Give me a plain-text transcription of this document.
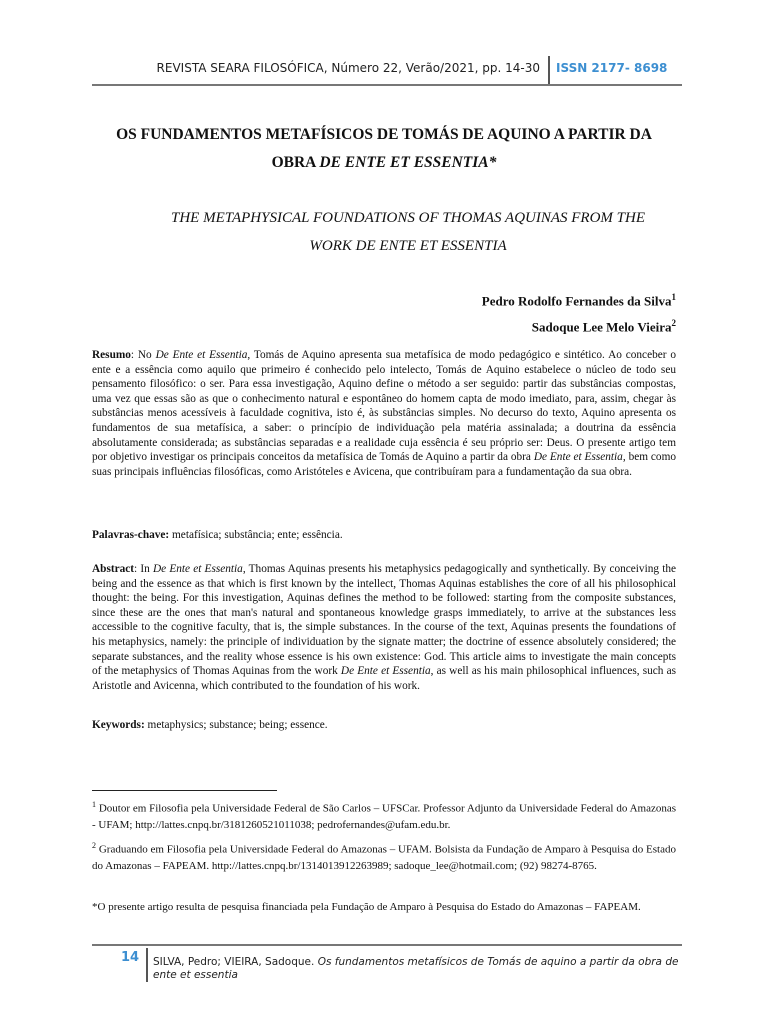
REVISTA SEARA FILOSÓFICA, Número 22, Verão/2021, pp. 14-30 ISSN 2177- 8698
OS FUNDAMENTOS METAFÍSICOS DE TOMÁS DE AQUINO A PARTIR DA
OBRA DE ENTE ET ESSENTIA*
THE METAPHYSICAL FOUNDATIONS OF THOMAS AQUINAS FROM THE
WORK DE ENTE ET ESSENTIA
Pedro Rodolfo Fernandes da Silva$^1$
Sadoque Lee Melo Vieira$^2$

Resumo: No De Ente et Essentia, Tomás de Aquino apresenta sua metafísica de modo pedagógico e sintético. Ao conceber o ente e a essência como aquilo que primeiro é conhecido pelo intelecto, Tomás de Aquino estabelece o núcleo de todo seu pensamento filosófico: o ser. Para essa investigação, Aquino define o método a ser seguido: partir das substâncias compostas, uma vez que essas são as que o conhecimento natural e espontâneo do homem capta de modo imediato, para, assim, chegar às substâncias menos acessíveis à faculdade cognitiva, isto é, às substâncias simples. No decurso do texto, Aquino apresenta os fundamentos de sua metafísica, a saber: o princípio de individuação pela matéria assinalada; a doutrina da essência absolutamente considerada; as substâncias separadas e a realidade cuja essência é seu próprio ser: Deus. O presente artigo tem por objetivo investigar os principais conceitos da metafísica de Tomás de Aquino a partir da obra De Ente et Essentia, bem como suas principais influências filosóficas, como Aristóteles e Avicena, que contribuíram para a fundamentação da sua obra.

Palavras-chave: metafísica; substância; ente; essência.

Abstract: In De Ente et Essentia, Thomas Aquinas presents his metaphysics pedagogically and synthetically. By conceiving the being and the essence as that which is first known by the intellect, Thomas Aquinas establishes the core of all his philosophical thought: the being. For this investigation, Aquinas defines the method to be followed: starting from the composite substances, since these are the ones that man's natural and spontaneous knowledge grasps immediately, to arrive at the substances less accessible to the cognitive faculty, that is, the simple substances. In the course of the text, Aquinas presents the foundations of his metaphysics, namely: the principle of individuation by the signate matter; the doctrine of essence absolutely considered; the separate substances, and the reality whose essence is his own existence: God. This article aims to investigate the main concepts of the metaphysics of Thomas Aquinas from the work De Ente et Essentia, as well as his main philosophical influences, such as Aristotle and Avicenna, which contributed to the foundation of his work.

Keywords: metaphysics; substance; being; essence.

$^1$ Doutor em Filosofia pela Universidade Federal de São Carlos – UFSCar. Professor Adjunto da Universidade Federal do Amazonas - UFAM; http://lattes.cnpq.br/3181260521011038; pedrofernandes@ufam.edu.br.

$^2$ Graduando em Filosofia pela Universidade Federal do Amazonas – UFAM. Bolsista da Fundação de Amparo à Pesquisa do Estado do Amazonas – FAPEAM. http://lattes.cnpq.br/1314013912263989; sadoque_lee@hotmail.com; (92) 98274-8765.

*O presente artigo resulta de pesquisa financiada pela Fundação de Amparo à Pesquisa do Estado do Amazonas – FAPEAM.

14 SILVA, Pedro; VIEIRA, Sadoque. Os fundamentos metafísicos de Tomás de aquino a partir da obra de ente et essentia
